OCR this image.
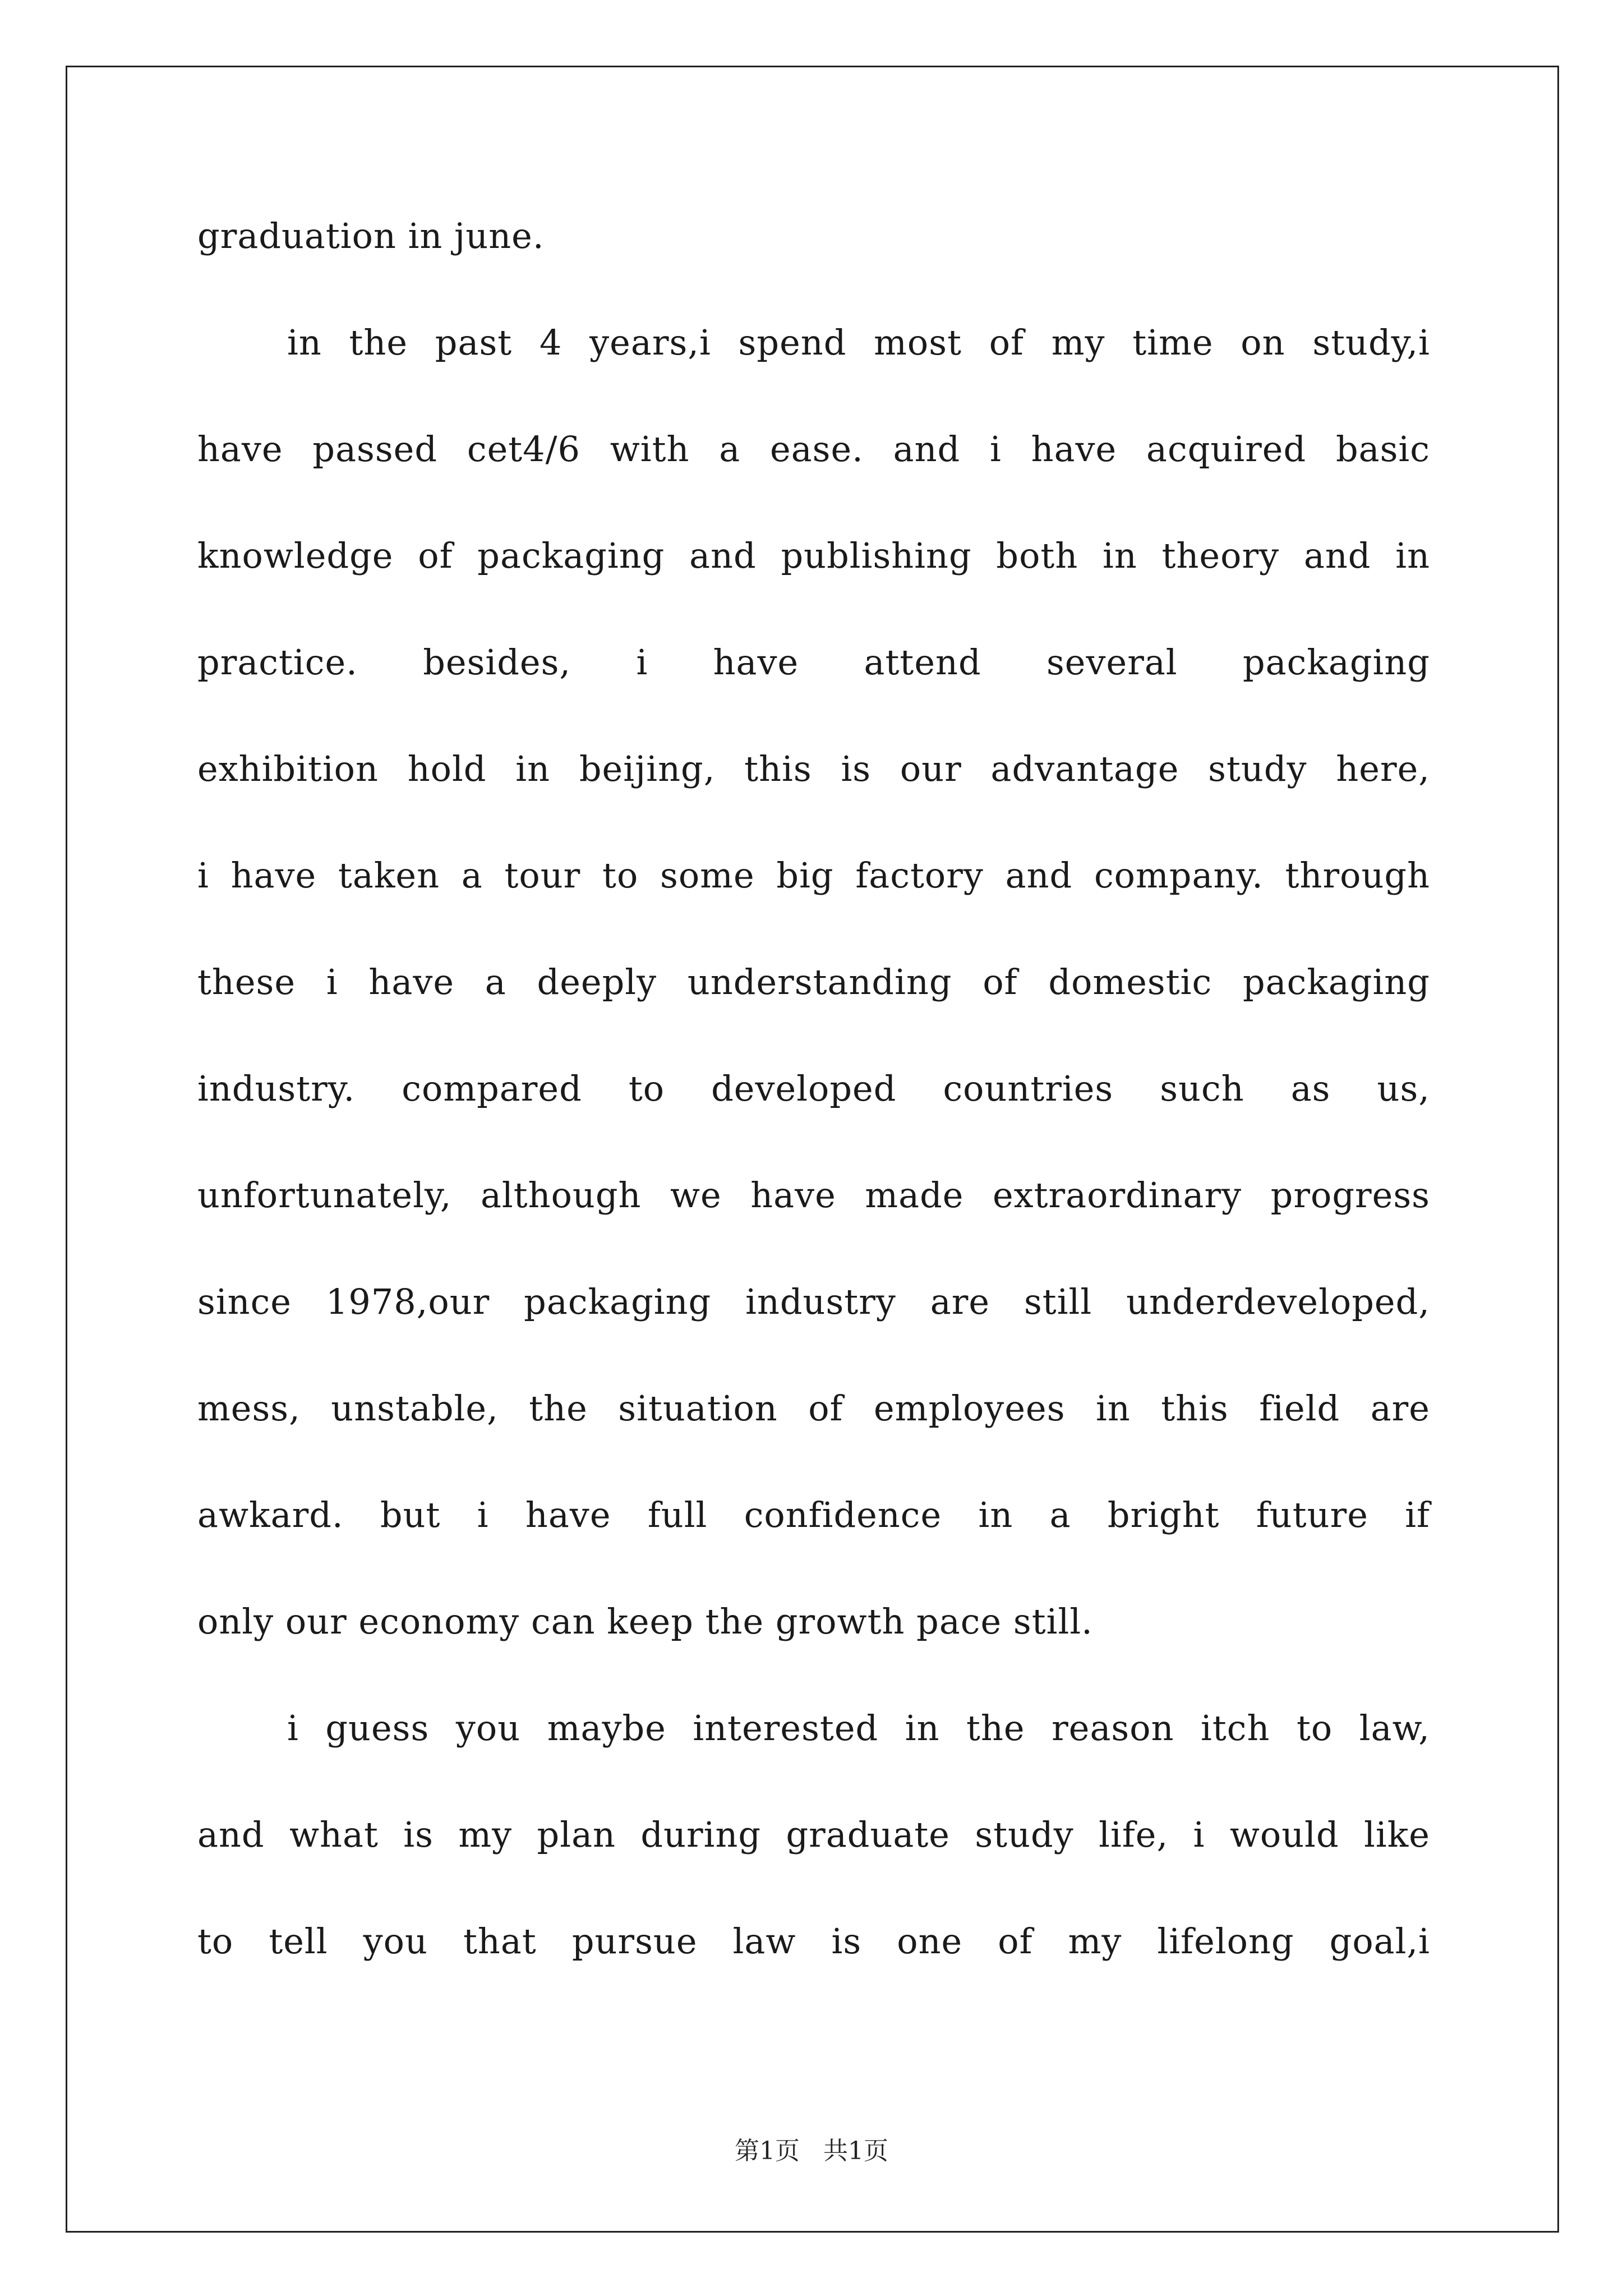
graduation in june.
in the past 4 years,i spend most of my time on study,i
have passed cet4/6 with a ease. and i have acquired basic
knowledge of packaging and publishing both in theory and in
practice. besides, i have attend several packaging
exhibition hold in beijing, this is our advantage study here,
i have taken a tour to some big factory and company. through
these i have a deeply understanding of domestic packaging
industry. compared to developed countries such as us,
unfortunately, although we have made extraordinary progress
since 1978,our packaging industry are still underdeveloped,
mess, unstable, the situation of employees in this field are
awkard. but i have full confidence in a bright future if
only our economy can keep the growth pace still.
i guess you maybe interested in the reason itch to law,
and what is my plan during graduate study life, i would like
to tell you that pursue law is one of my lifelong goal,i
第1页   共1页
